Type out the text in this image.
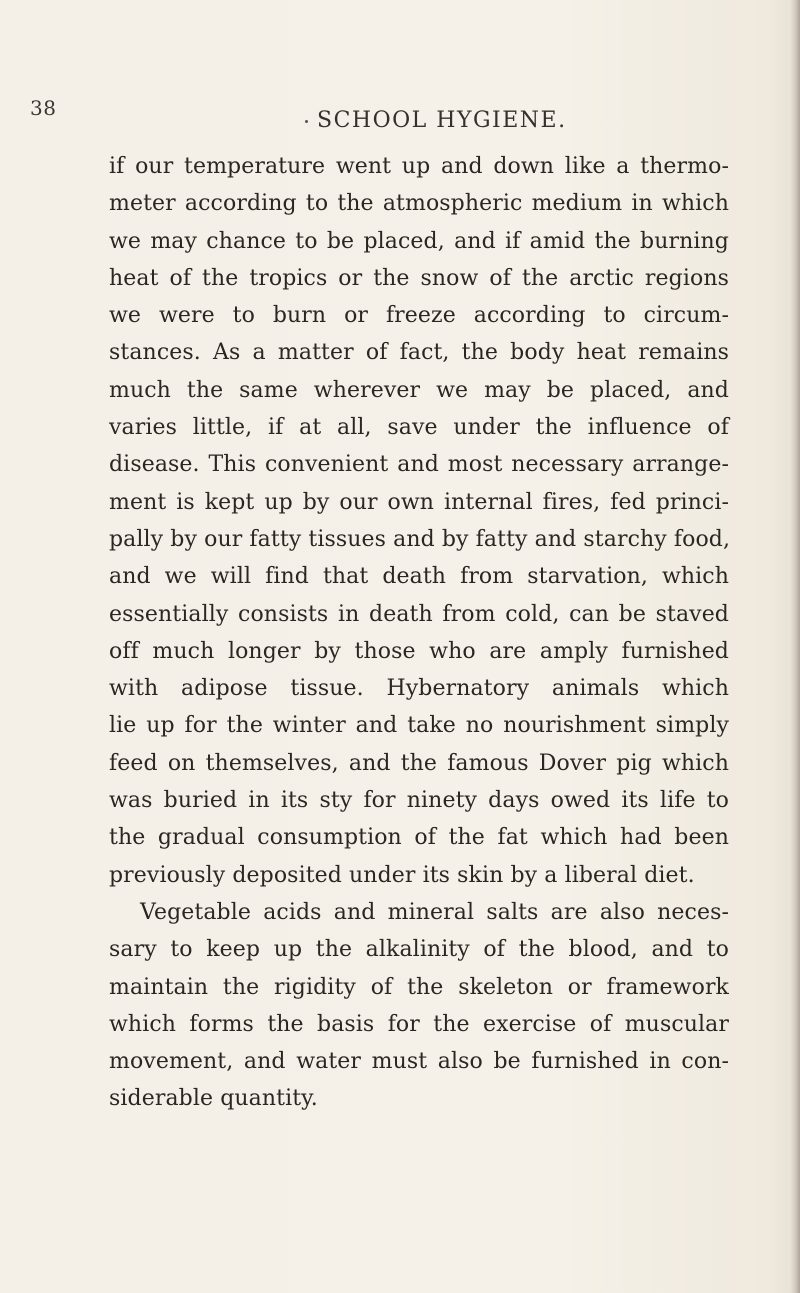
38	SCHOOL HYGIENE.
if our temperature went up and down like a thermo-
meter according to the atmospheric medium in which
we may chance to be placed, and if amid the burning
heat of the tropics or the snow of the arctic regions
we were to burn or freeze according to circum-
stances. As a matter of fact, the body heat remains
much the same wherever we may be placed, and
varies little, if at all, save under the influence of
disease. This convenient and most necessary arrange-
ment is kept up by our own internal fires, fed princi-
pally by our fatty tissues and by fatty and starchy food,
and we will find that death from starvation, which
essentially consists in death from cold, can be staved
off much longer by those who are amply furnished
with adipose tissue. Hybernatory animals which
lie up for the winter and take no nourishment simply
feed on themselves, and the famous Dover pig which
was buried in its sty for ninety days owed its life to
the gradual consumption of the fat which had been
previously deposited under its skin by a liberal diet.
Vegetable acids and mineral salts are also neces-
sary to keep up the alkalinity of the blood, and to
maintain the rigidity of the skeleton or framework
which forms the basis for the exercise of muscular
movement, and water must also be furnished in con-
siderable quantity.
